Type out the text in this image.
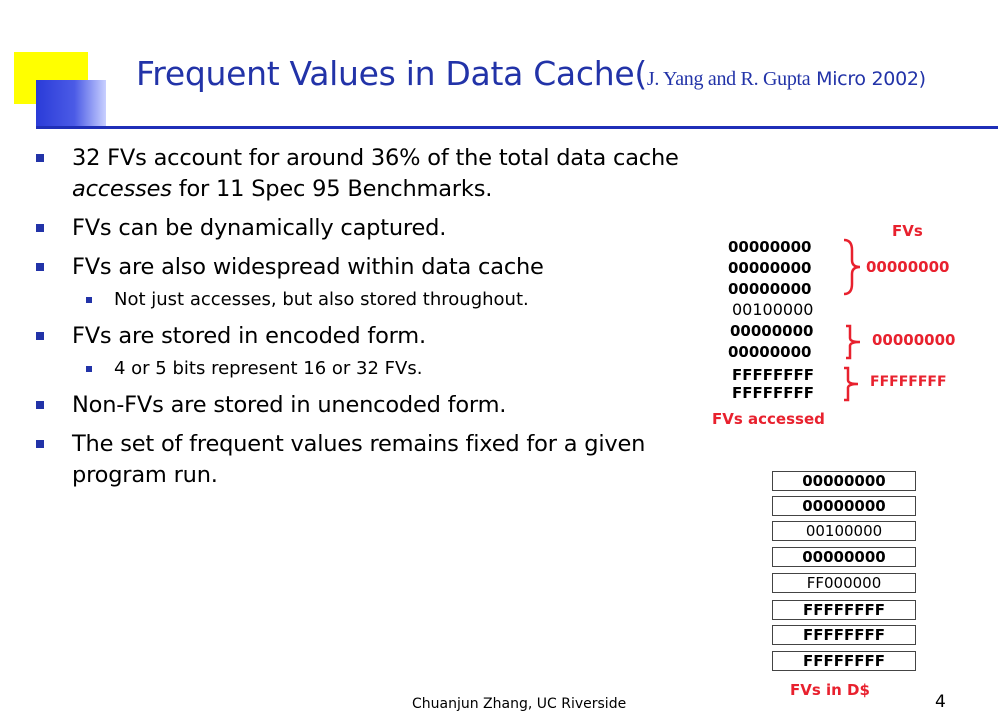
Frequent Values in Data Cache(J. Yang and R. Gupta Micro 2002)
32 FVs account for around 36% of the total data cache accesses for 11 Spec 95 Benchmarks.
FVs can be dynamically captured.
FVs are also widespread within data cache
Not just accesses, but also stored throughout.
FVs are stored in encoded form.
4 or 5 bits represent 16 or 32 FVs.
Non-FVs are stored in unencoded form.
The set of frequent values remains fixed for a given program run.
FVs
00000000
00000000
00000000
00100000
00000000
00000000
FFFFFFFF
FFFFFFFF
00000000
00000000
FFFFFFFF
FVs accessed
00000000
00000000
00100000
00000000
FF000000
FFFFFFFF
FFFFFFFF
FFFFFFFF
FVs in D$
Chuanjun Zhang, UC Riverside	4
